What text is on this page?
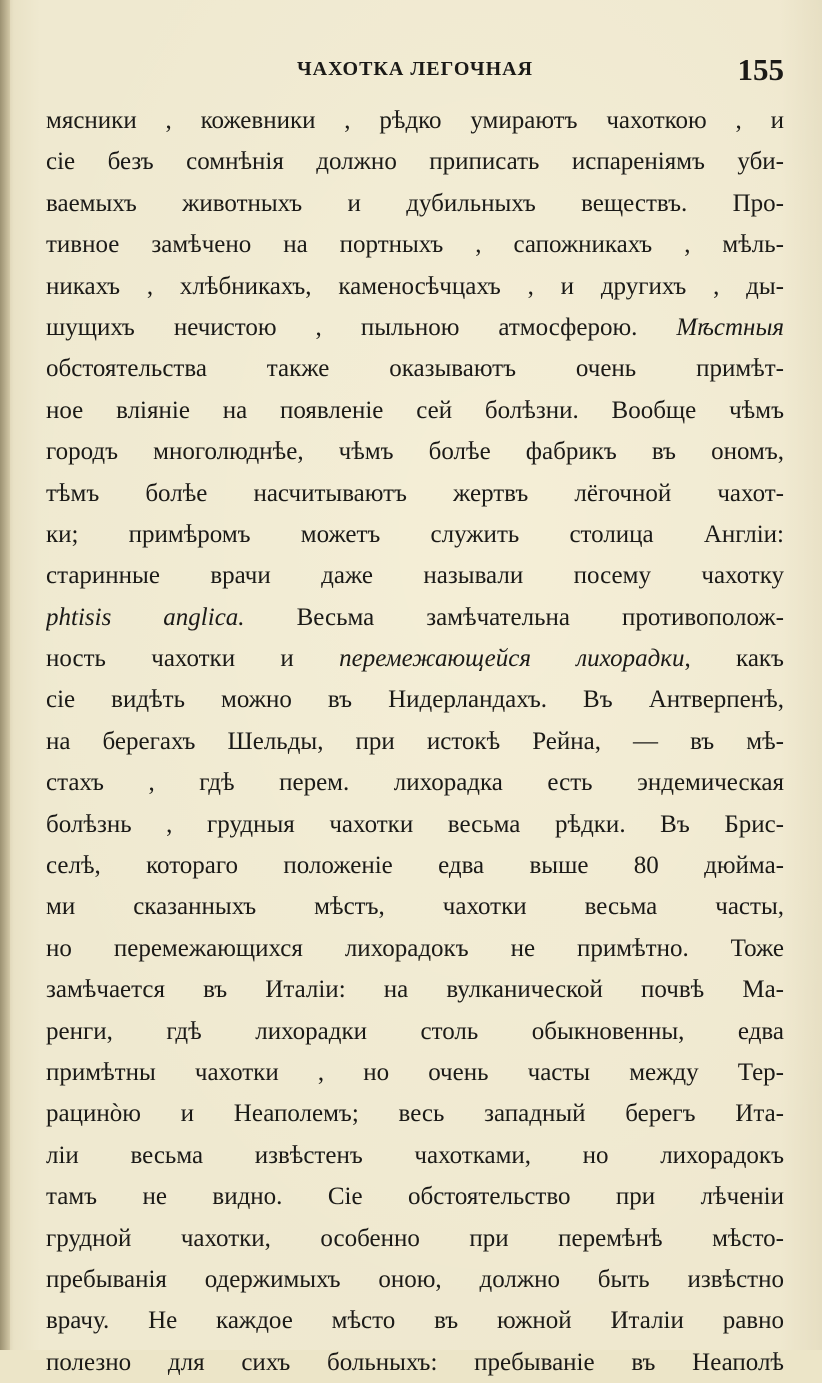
ЧАХОТКА ЛЕГОЧНАЯ	155
мясники , кожевники , рѣдко умираютъ чахоткою , и
сіе безъ сомнѣнія должно приписать испареніямъ уби-
ваемыхъ животныхъ и дубильныхъ веществъ. Про-
тивное замѣчено на портныхъ , сапожникахъ , мѣль-
никахъ , хлѣбникахъ, каменосѣчцахъ , и другихъ , ды-
шущихъ нечистою , пыльною атмосферою. Мѣстныя
обстоятельства также оказываютъ очень примѣт-
ное вліяніе на появленіе сей болѣзни. Вообще чѣмъ
городъ многолюднѣе, чѣмъ болѣе фабрикъ въ ономъ,
тѣмъ болѣе насчитываютъ жертвъ лёгочной чахот-
ки; примѣромъ можетъ служить столица Англіи:
старинные врачи даже называли посему чахотку
phtisis anglica. Весьма замѣчательна противополож-
ность чахотки и перемежающейся лихорадки, какъ
сіе видѣть можно въ Нидерландахъ. Въ Антверпенѣ,
на берегахъ Шельды, при истокѣ Рейна, — въ мѣ-
стахъ , гдѣ перем. лихорадка есть эндемическая
болѣзнь , грудныя чахотки весьма рѣдки. Въ Брис-
селѣ, котораго положеніе едва выше 80 дюйма-
ми сказанныхъ мѣстъ, чахотки весьма часты,
но перемежающихся лихорадокъ не примѣтно. Тоже
замѣчается въ Италіи: на вулканической почвѣ Ма-
ренги, гдѣ лихорадки столь обыкновенны, едва
примѣтны чахотки , но очень часты между Тер-
рацинòю и Неаполемъ; весь западный берегъ Ита-
ліи весьма извѣстенъ чахотками, но лихорадокъ
тамъ не видно. Сіе обстоятельство при лѣченіи
грудной чахотки, особенно при перемѣнѣ мѣсто-
пребыванія одержимыхъ оною, должно быть извѣстно
врачу. Не каждое мѣсто въ южной Италіи равно
полезно для сихъ больныхъ: пребываніе въ Неаполѣ
